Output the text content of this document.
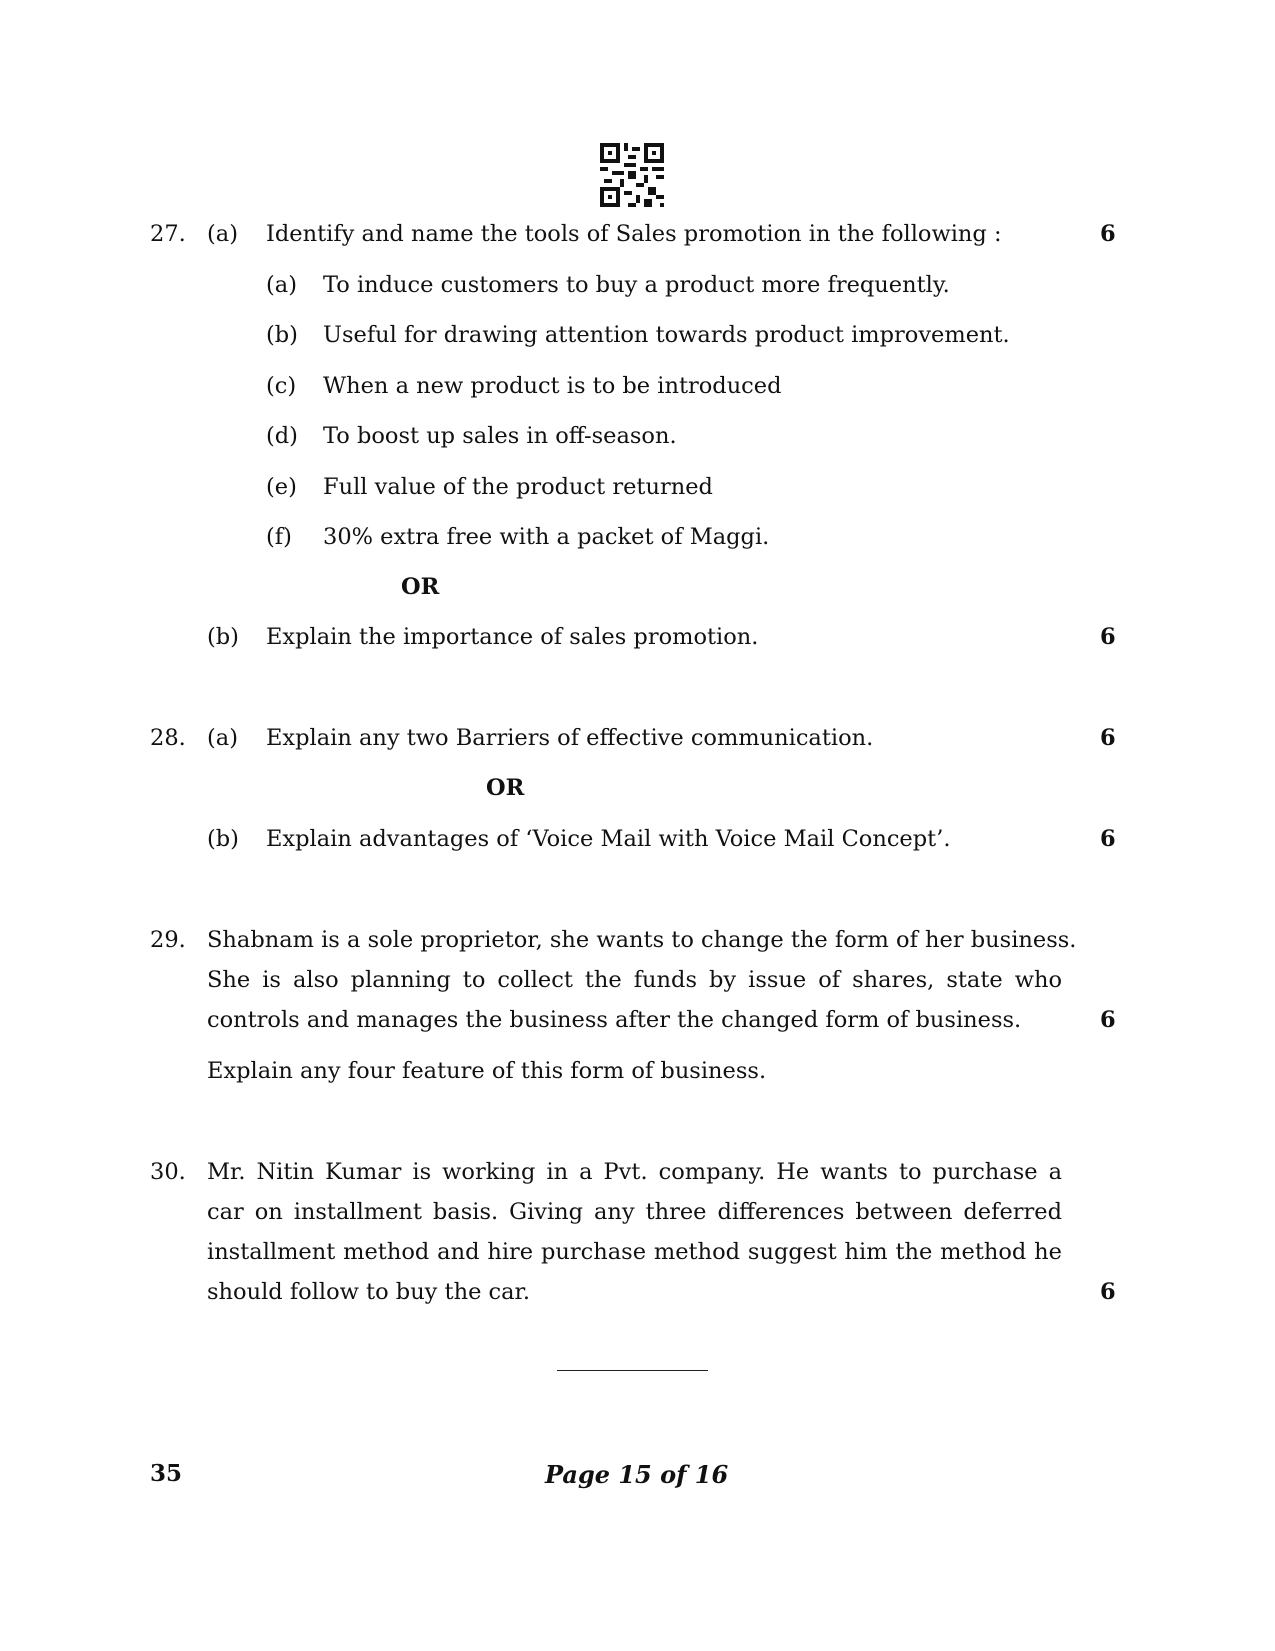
27. (a) Identify and name the tools of Sales promotion in the following :	6
(a) To induce customers to buy a product more frequently.
(b) Useful for drawing attention towards product improvement.
(c) When a new product is to be introduced
(d) To boost up sales in off-season.
(e) Full value of the product returned
(f) 30% extra free with a packet of Maggi.
OR
(b) Explain the importance of sales promotion.	6
28. (a) Explain any two Barriers of effective communication.	6
OR
(b) Explain advantages of ‘Voice Mail with Voice Mail Concept’.	6
29. Shabnam is a sole proprietor, she wants to change the form of her business.
She is also planning to collect the funds by issue of shares, state who
controls and manages the business after the changed form of business.	6
Explain any four feature of this form of business.
30. Mr. Nitin Kumar is working in a Pvt. company. He wants to purchase a
car on installment basis. Giving any three differences between deferred
installment method and hire purchase method suggest him the method he
should follow to buy the car.	6
35	Page 15 of 16
